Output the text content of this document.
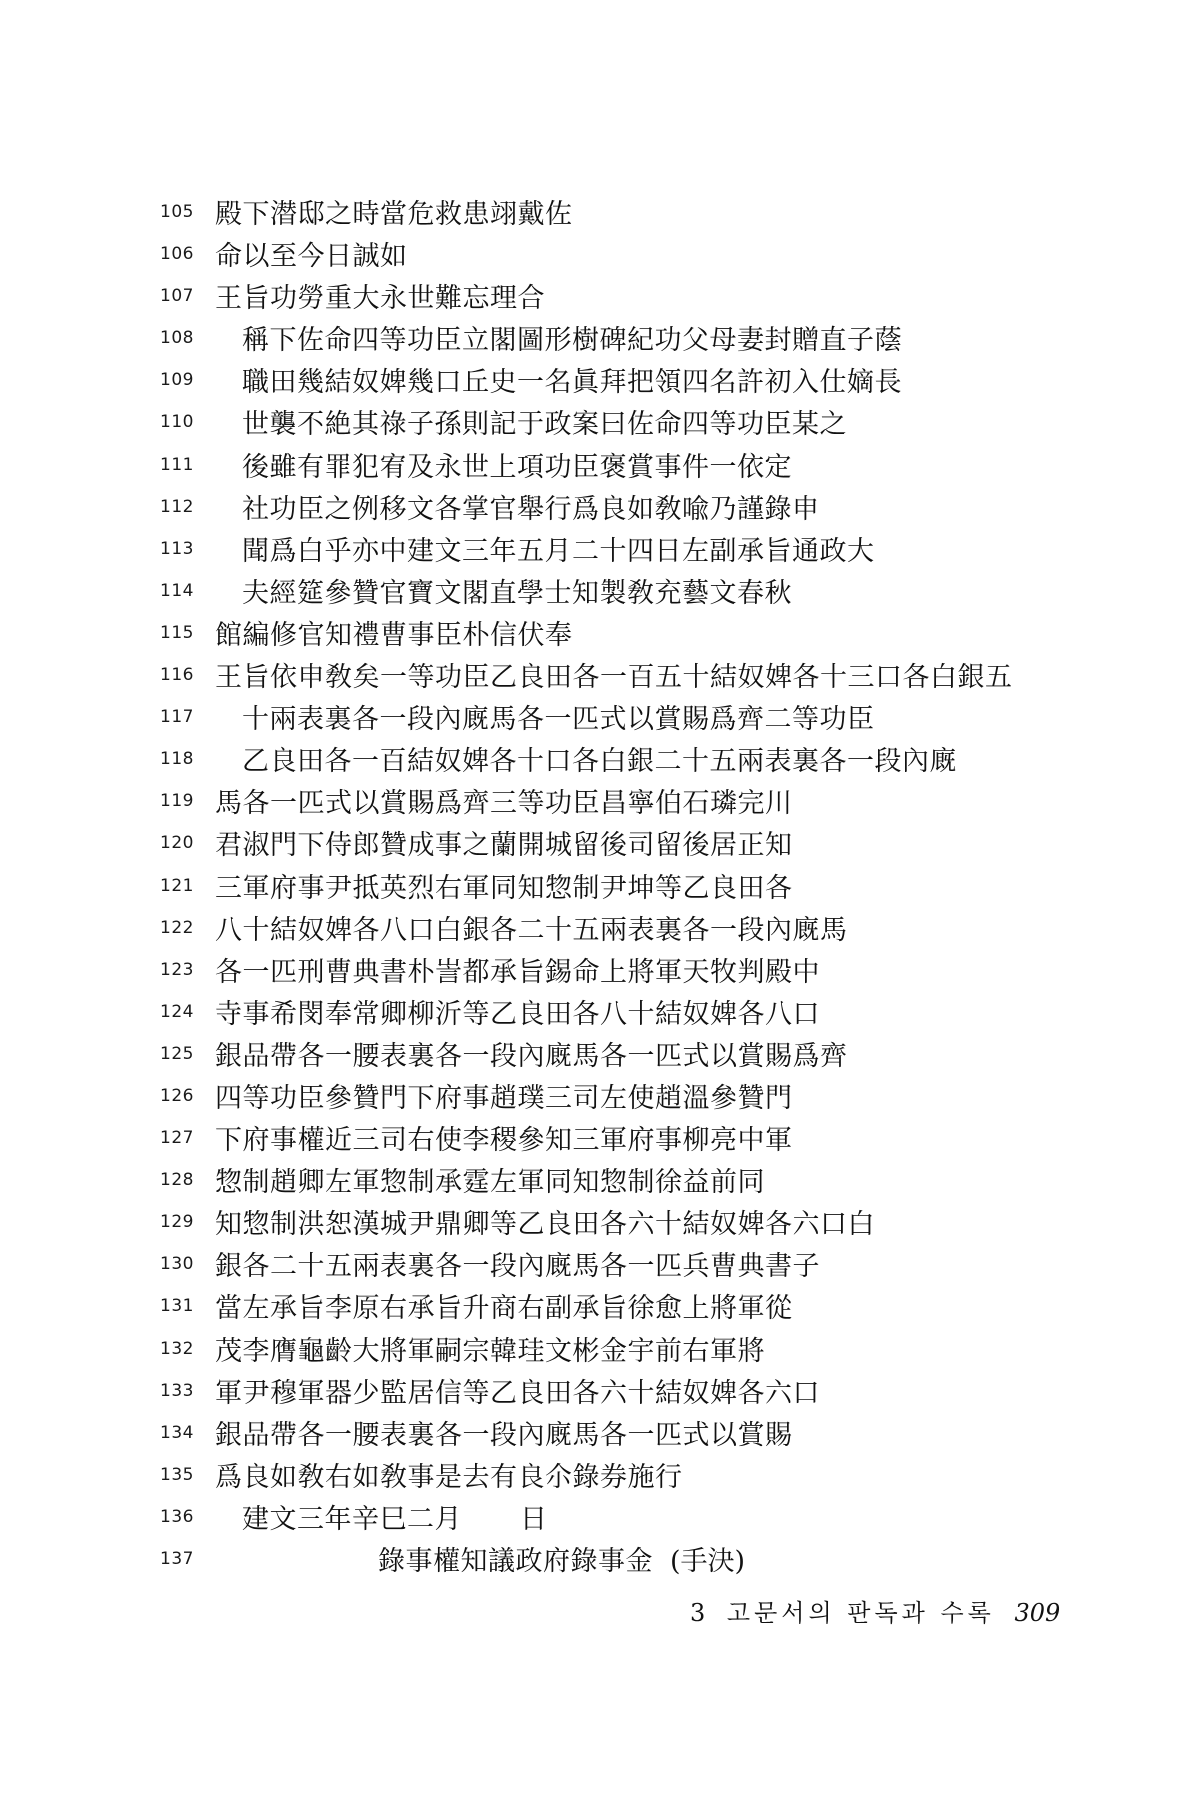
105 殿下潜邸之時當危救患翊戴佐
106 命以至今日誠如
107 王旨功勞重大永世難忘理合
108	稱下佐命四等功臣立閣圖形樹碑紀功父母妻封贈直子蔭
109	職田幾結奴婢幾口丘史一名眞拜把領四名許初入仕嫡長
110	世襲不絶其祿子孫則記于政案曰佐命四等功臣某之
111	後雖有罪犯宥及永世上項功臣褒賞事件一依定
112	社功臣之例移文各掌官舉行爲良如敎喩乃謹錄申
113	聞爲白乎亦中建文三年五月二十四日左副承旨通政大
114	夫經筵參贊官寶文閣直學士知製敎充藝文春秋
115 館編修官知禮曹事臣朴信伏奉
116 王旨依申敎矣一等功臣乙良田各一百五十結奴婢各十三口各白銀五
117	十兩表裏各一段內廐馬各一匹式以賞賜爲齊二等功臣
118	乙良田各一百結奴婢各十口各白銀二十五兩表裏各一段內廐
119 馬各一匹式以賞賜爲齊三等功臣昌寧伯石璘完川
120 君淑門下侍郎贊成事之蘭開城留後司留後居正知
121 三軍府事尹抵英烈右軍同知惣制尹坤等乙良田各
122 八十結奴婢各八口白銀各二十五兩表裏各一段內廐馬
123 各一匹刑曹典書朴訔都承旨錫命上將軍天牧判殿中
124 寺事希閔奉常卿柳沂等乙良田各八十結奴婢各八口
125 銀品帶各一腰表裏各一段內廐馬各一匹式以賞賜爲齊
126 四等功臣參贊門下府事趙璞三司左使趙溫參贊門
127 下府事權近三司右使李稷參知三軍府事柳亮中軍
128 惣制趙卿左軍惣制承霆左軍同知惣制徐益前同
129 知惣制洪恕漢城尹鼎卿等乙良田各六十結奴婢各六口白
130 銀各二十五兩表裏各一段內廐馬各一匹兵曹典書子
131 當左承旨李原右承旨升商右副承旨徐愈上將軍從
132 茂李膺龜齡大將軍嗣宗韓珪文彬金宇前右軍將
133 軍尹穆軍器少監居信等乙良田各六十結奴婢各六口
134 銀品帶各一腰表裏各一段內廐馬各一匹式以賞賜
135 爲良如敎右如敎事是去有良尒錄券施行
136	建文三年辛巳二月 日
137	錄事權知議政府錄事金 (手決)
3 고문서의 판독과 수록 309
